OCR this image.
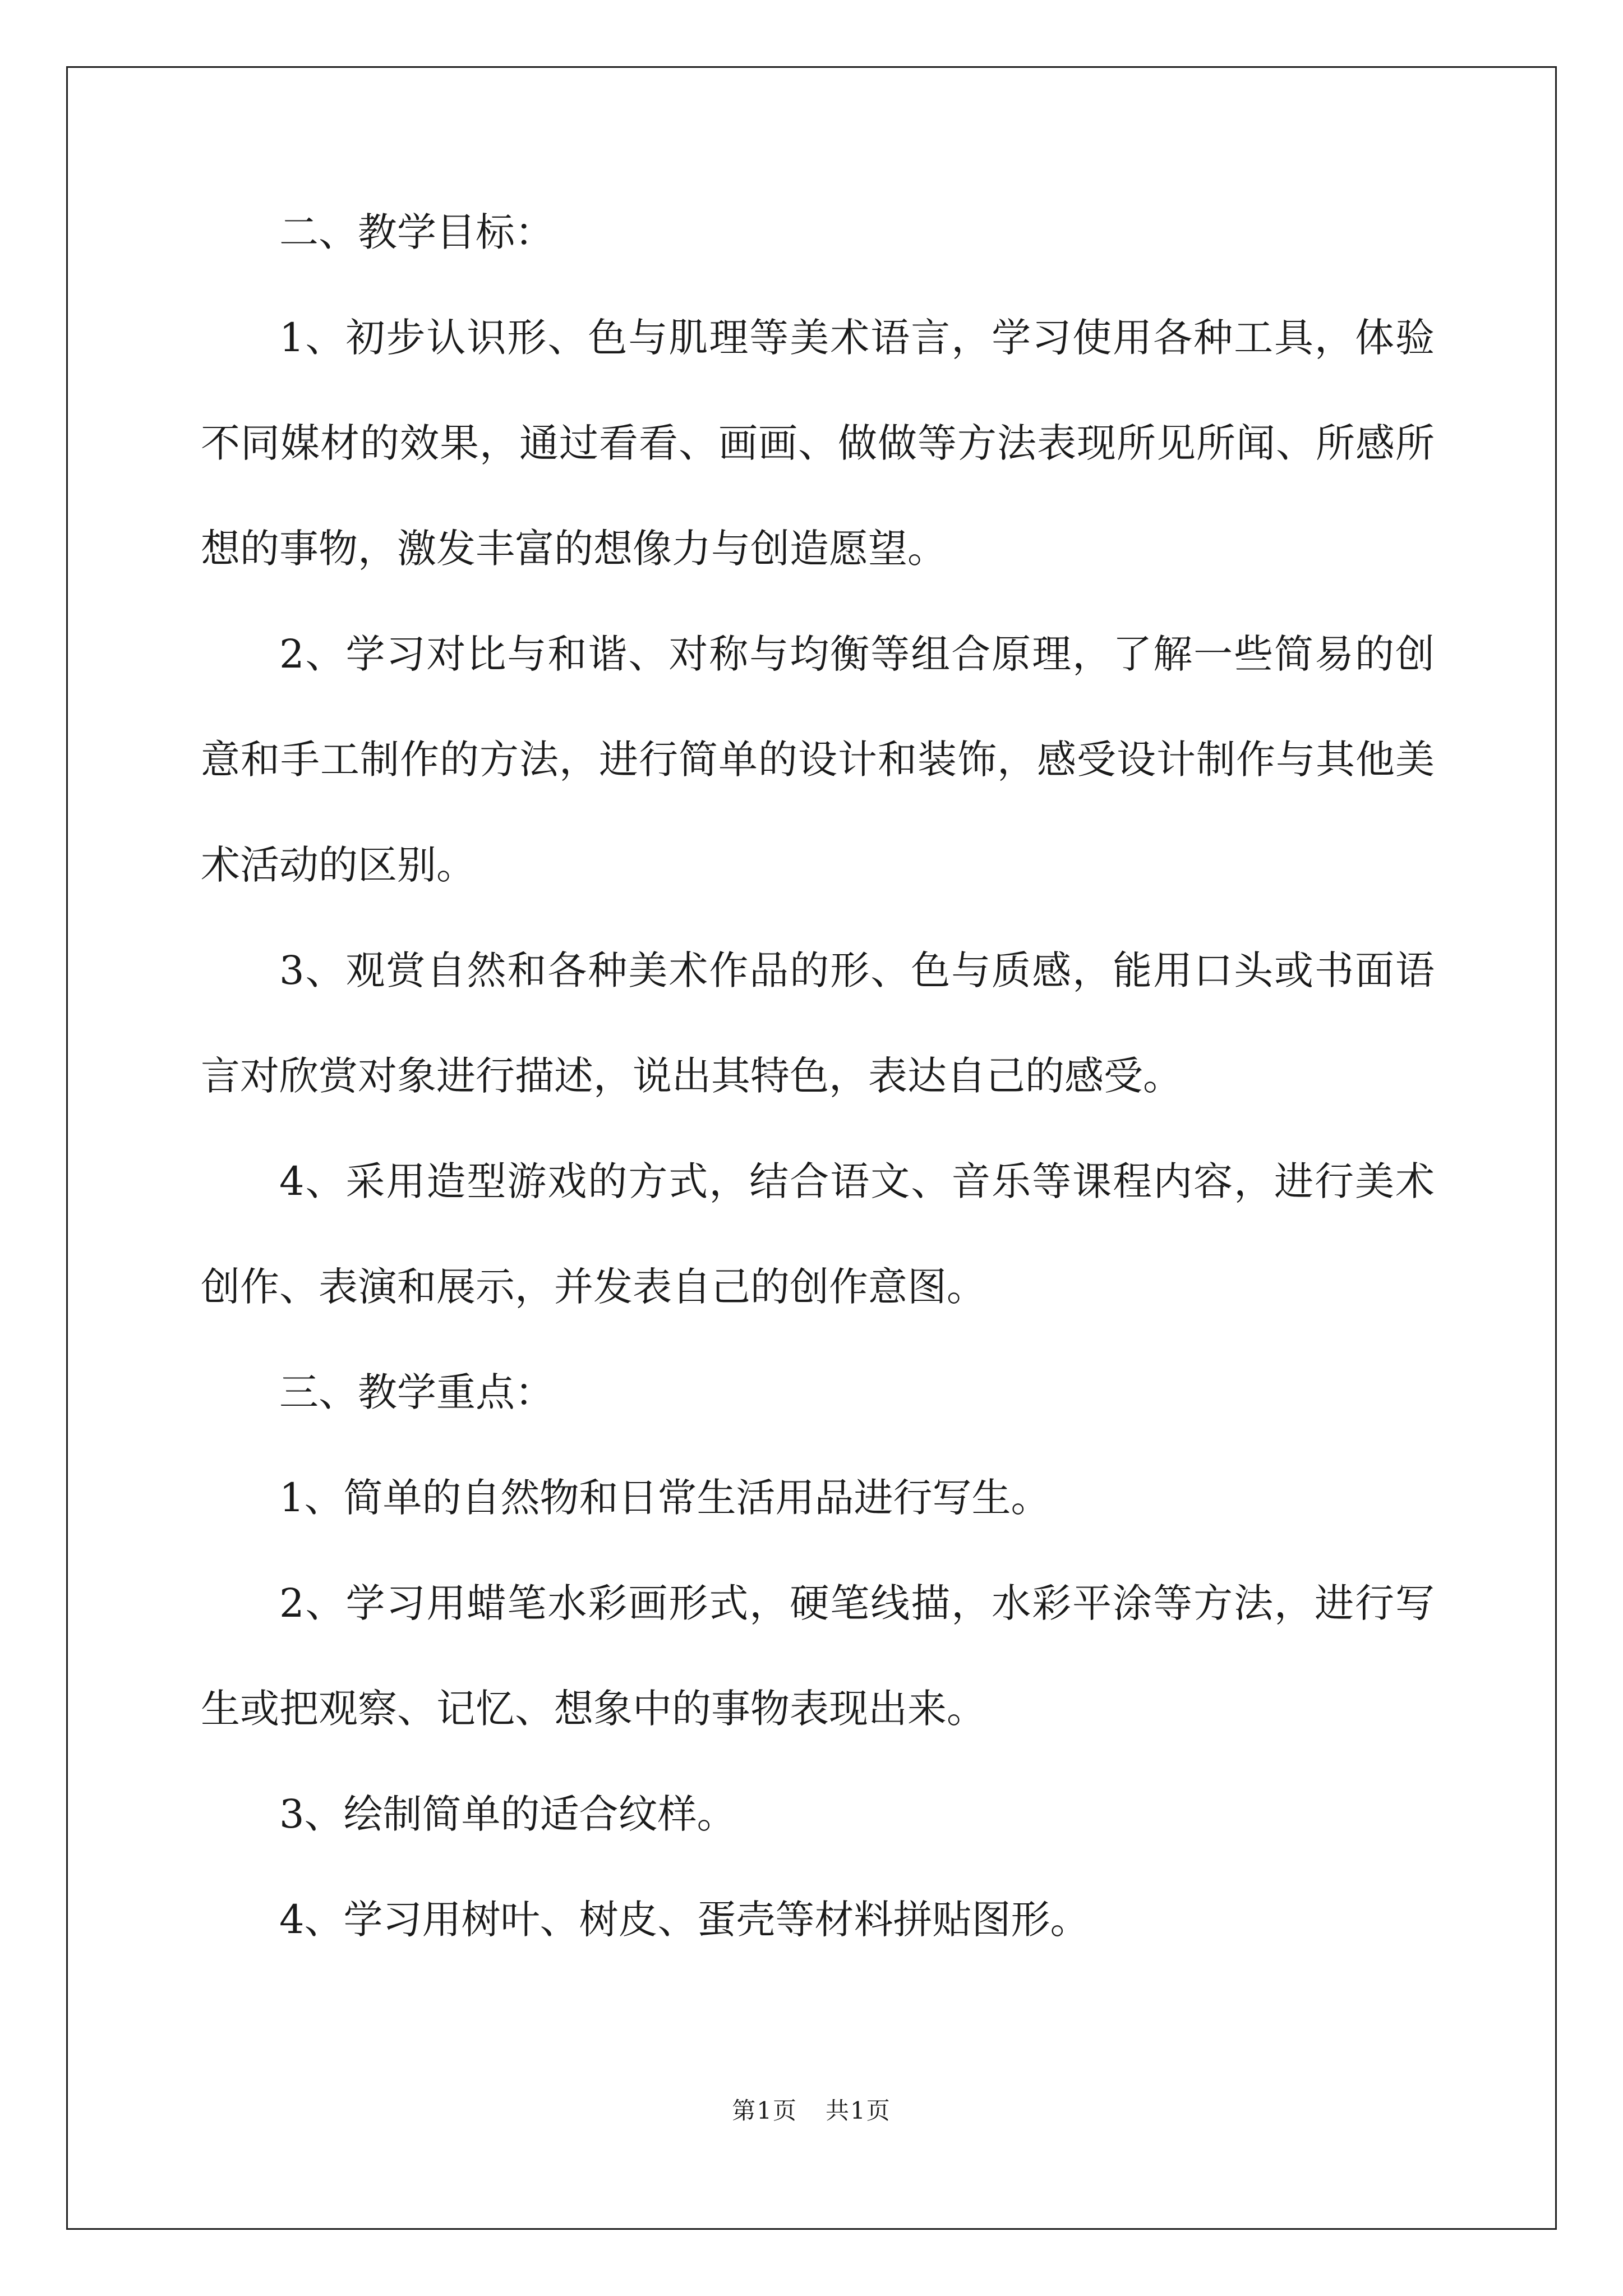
二、教学目标：

1、初步认识形、色与肌理等美术语言，学习使用各种工具，体验不同媒材的效果，通过看看、画画、做做等方法表现所见所闻、所感所想的事物，激发丰富的想像力与创造愿望。

2、学习对比与和谐、对称与均衡等组合原理，了解一些简易的创意和手工制作的方法，进行简单的设计和装饰，感受设计制作与其他美术活动的区别。

3、观赏自然和各种美术作品的形、色与质感，能用口头或书面语言对欣赏对象进行描述，说出其特色，表达自己的感受。

4、采用造型游戏的方式，结合语文、音乐等课程内容，进行美术创作、表演和展示，并发表自己的创作意图。

三、教学重点：

1、简单的自然物和日常生活用品进行写生。

2、学习用蜡笔水彩画形式，硬笔线描，水彩平涂等方法，进行写生或把观察、记忆、想象中的事物表现出来。

3、绘制简单的适合纹样。

4、学习用树叶、树皮、蛋壳等材料拼贴图形。

第1页 共1页
